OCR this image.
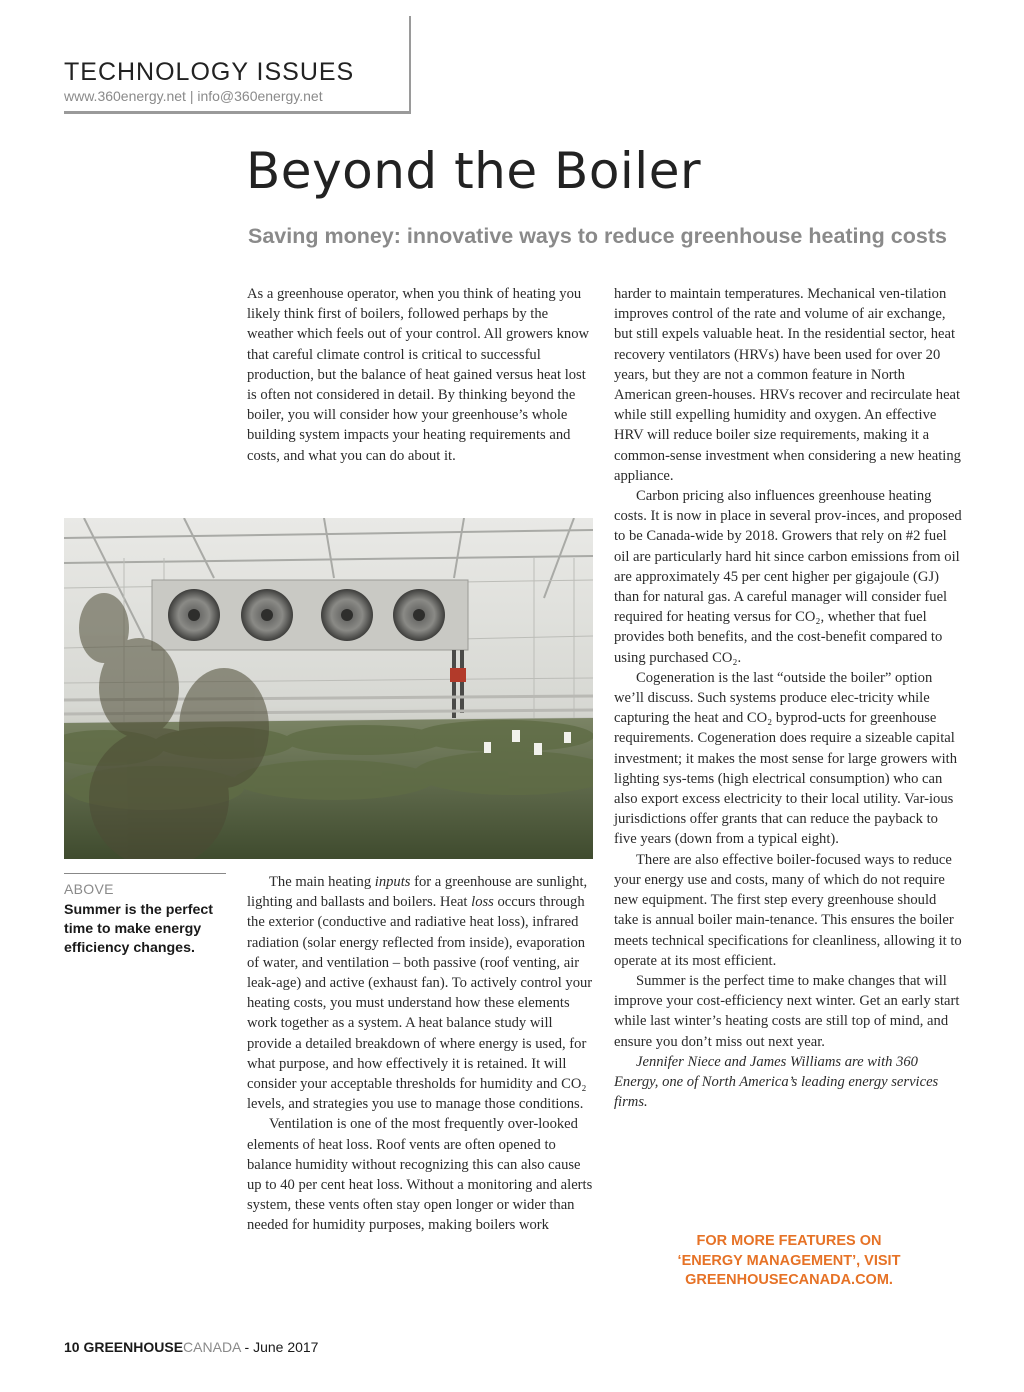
TECHNOLOGY ISSUES
www.360energy.net | info@360energy.net
Beyond the Boiler
Saving money: innovative ways to reduce greenhouse heating costs

As a greenhouse operator, when you think of heating you likely think first of boilers, followed perhaps by the weather which feels out of your control. All growers know that careful climate control is critical to successful production, but the balance of heat gained versus heat lost is often not considered in detail. By thinking beyond the boiler, you will consider how your greenhouse’s whole building system impacts your heating requirements and costs, and what you can do about it.

ABOVE
Summer is the perfect time to make energy efficiency changes.

The main heating inputs for a greenhouse are sunlight, lighting and ballasts and boilers. Heat loss occurs through the exterior (conductive and radiative heat loss), infrared radiation (solar energy reflected from inside), evaporation of water, and ventilation – both passive (roof venting, air leak-age) and active (exhaust fan). To actively control your heating costs, you must understand how these elements work together as a system. A heat balance study will provide a detailed breakdown of where energy is used, for what purpose, and how effectively it is retained. It will consider your acceptable thresholds for humidity and CO₂ levels, and strategies you use to manage those conditions.

Ventilation is one of the most frequently over-looked elements of heat loss. Roof vents are often opened to balance humidity without recognizing this can also cause up to 40 per cent heat loss. Without a monitoring and alerts system, these vents often stay open longer or wider than needed for humidity purposes, making boilers work

harder to maintain temperatures. Mechanical ven-tilation improves control of the rate and volume of air exchange, but still expels valuable heat. In the residential sector, heat recovery ventilators (HRVs) have been used for over 20 years, but they are not a common feature in North American green-houses. HRVs recover and recirculate heat while still expelling humidity and oxygen. An effective HRV will reduce boiler size requirements, making it a common-sense investment when considering a new heating appliance.

Carbon pricing also influences greenhouse heating costs. It is now in place in several prov-inces, and proposed to be Canada-wide by 2018. Growers that rely on #2 fuel oil are particularly hard hit since carbon emissions from oil are approximately 45 per cent higher per gigajoule (GJ) than for natural gas. A careful manager will consider fuel required for heating versus for CO₂, whether that fuel provides both benefits, and the cost-benefit compared to using purchased CO₂.

Cogeneration is the last “outside the boiler” option we’ll discuss. Such systems produce elec-tricity while capturing the heat and CO₂ byprod-ucts for greenhouse requirements. Cogeneration does require a sizeable capital investment; it makes the most sense for large growers with lighting sys-tems (high electrical consumption) who can also export excess electricity to their local utility. Var-ious jurisdictions offer grants that can reduce the payback to five years (down from a typical eight).

There are also effective boiler-focused ways to reduce your energy use and costs, many of which do not require new equipment. The first step every greenhouse should take is annual boiler main-tenance. This ensures the boiler meets technical specifications for cleanliness, allowing it to operate at its most efficient.

Summer is the perfect time to make changes that will improve your cost-efficiency next winter. Get an early start while last winter’s heating costs are still top of mind, and ensure you don’t miss out next year.

Jennifer Niece and James Williams are with 360 Energy, one of North America’s leading energy services firms.

FOR MORE FEATURES ON
‘ENERGY MANAGEMENT’, VISIT
GREENHOUSECANADA.COM.
10 GREENHOUSECANADA - June 2017
